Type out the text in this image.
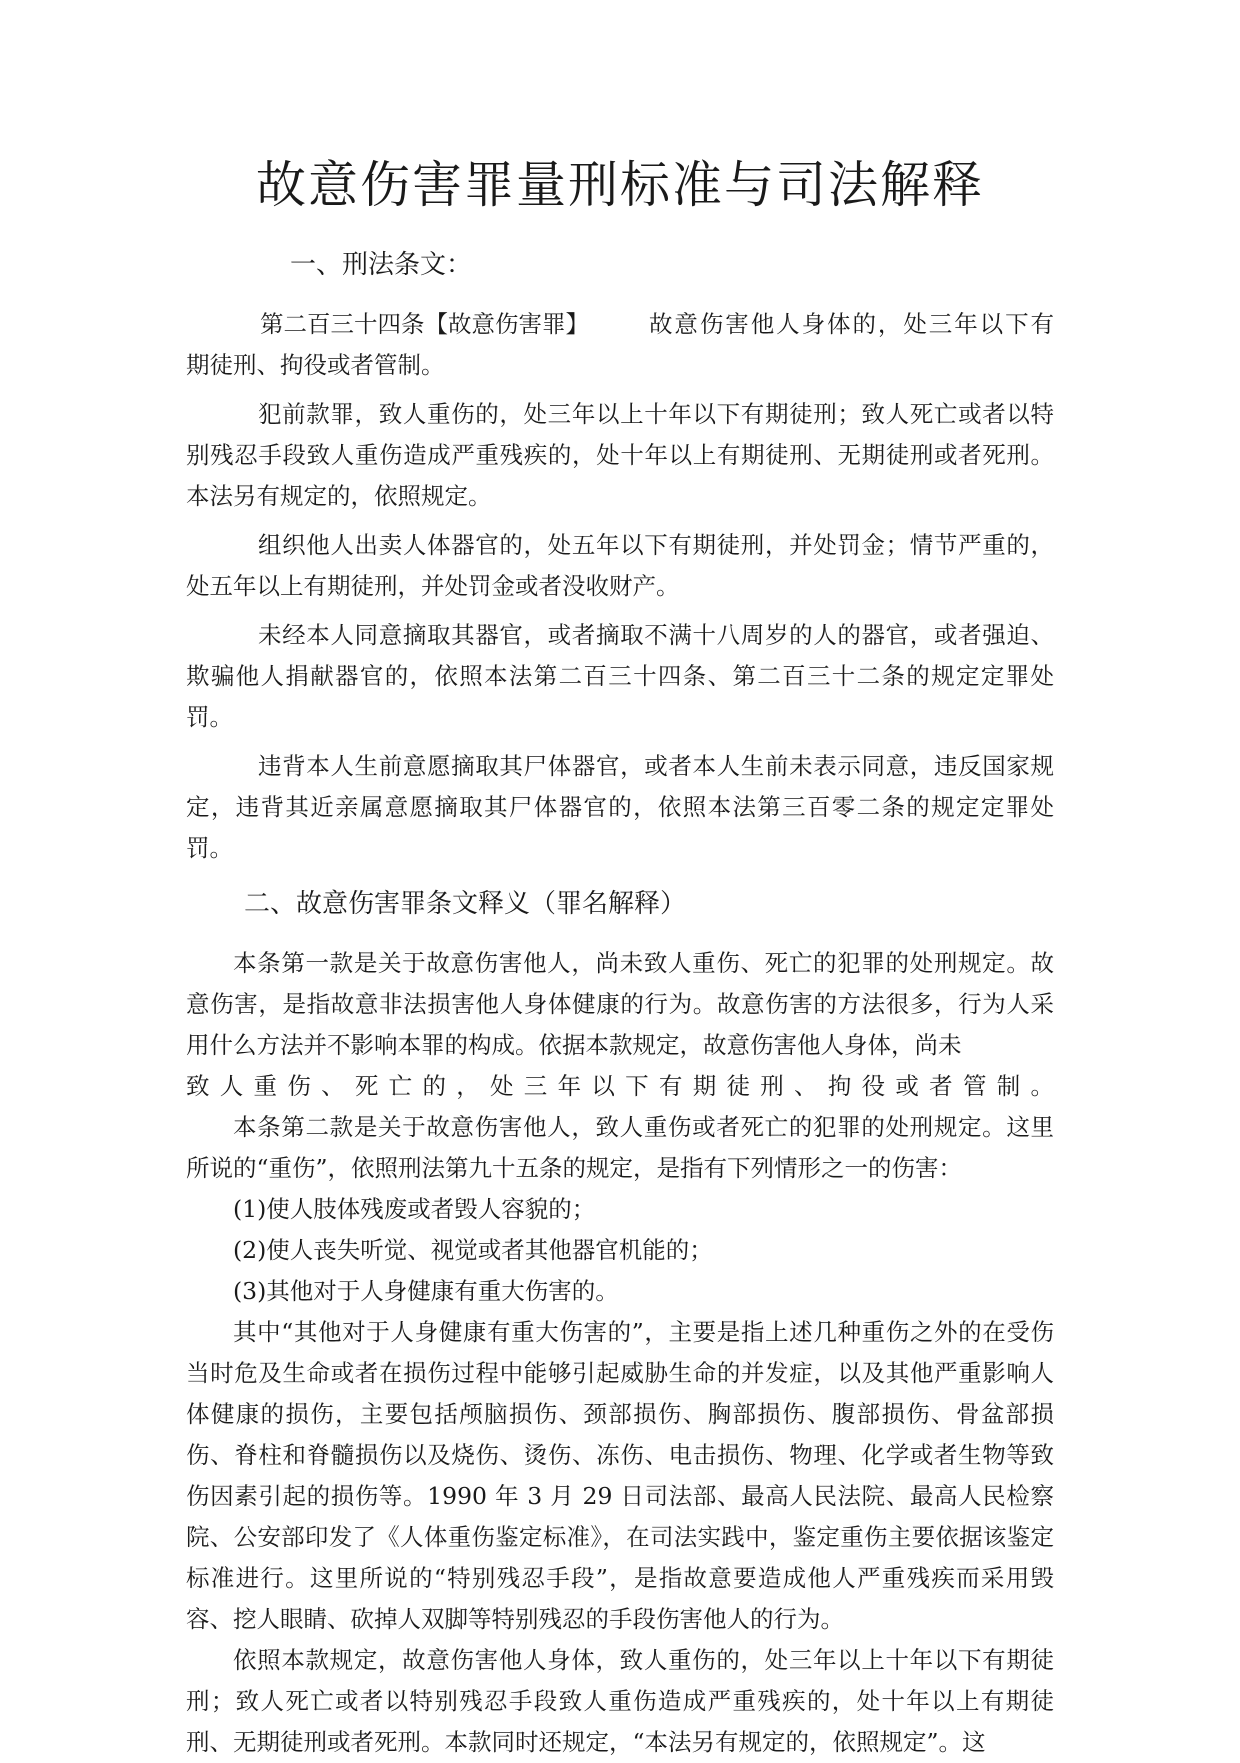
故意伤害罪量刑标准与司法解释
一、刑法条文：
第二百三十四条【故意伤害罪】	故意伤害他人身体的，处三年以下有

期徒刑、拘役或者管制。

犯前款罪，致人重伤的，处三年以上十年以下有期徒刑；致人死亡或者以特别残忍手段致人重伤造成严重残疾的，处十年以上有期徒刑、无期徒刑或者死刑。本法另有规定的，依照规定。

组织他人出卖人体器官的，处五年以下有期徒刑，并处罚金；情节严重的，处五年以上有期徒刑，并处罚金或者没收财产。

未经本人同意摘取其器官，或者摘取不满十八周岁的人的器官，或者强迫、欺骗他人捐献器官的，依照本法第二百三十四条、第二百三十二条的规定定罪处罚。

违背本人生前意愿摘取其尸体器官，或者本人生前未表示同意，违反国家规定，违背其近亲属意愿摘取其尸体器官的，依照本法第三百零二条的规定定罪处罚。

二、故意伤害罪条文释义（罪名解释）

本条第一款是关于故意伤害他人，尚未致人重伤、死亡的犯罪的处刑规定。故意伤害，是指故意非法损害他人身体健康的行为。故意伤害的方法很多，行为人采用什么方法并不影响本罪的构成。依据本款规定，故意伤害他人身体，尚未

致人重伤、死亡的，处三年以下有期徒刑、拘役或者管制。

本条第二款是关于故意伤害他人，致人重伤或者死亡的犯罪的处刑规定。这里所说的“重伤”，依照刑法第九十五条的规定，是指有下列情形之一的伤害：

(1)使人肢体残废或者毁人容貌的；

(2)使人丧失听觉、视觉或者其他器官机能的；

(3)其他对于人身健康有重大伤害的。

其中“其他对于人身健康有重大伤害的”，主要是指上述几种重伤之外的在受伤当时危及生命或者在损伤过程中能够引起威胁生命的并发症，以及其他严重影响人体健康的损伤，主要包括颅脑损伤、颈部损伤、胸部损伤、腹部损伤、骨盆部损伤、脊柱和脊髓损伤以及烧伤、烫伤、冻伤、电击损伤、物理、化学或者生物等致伤因素引起的损伤等。1990 年 3 月 29 日司法部、最高人民法院、最高人民检察院、公安部印发了《人体重伤鉴定标准》，在司法实践中，鉴定重伤主要依据该鉴定标准进行。这里所说的“特别残忍手段”，是指故意要造成他人严重残疾而采用毁容、挖人眼睛、砍掉人双脚等特别残忍的手段伤害他人的行为。

依照本款规定，故意伤害他人身体，致人重伤的，处三年以上十年以下有期徒刑；致人死亡或者以特别残忍手段致人重伤造成严重残疾的，处十年以上有期徒刑、无期徒刑或者死刑。本款同时还规定，“本法另有规定的，依照规定”。这
